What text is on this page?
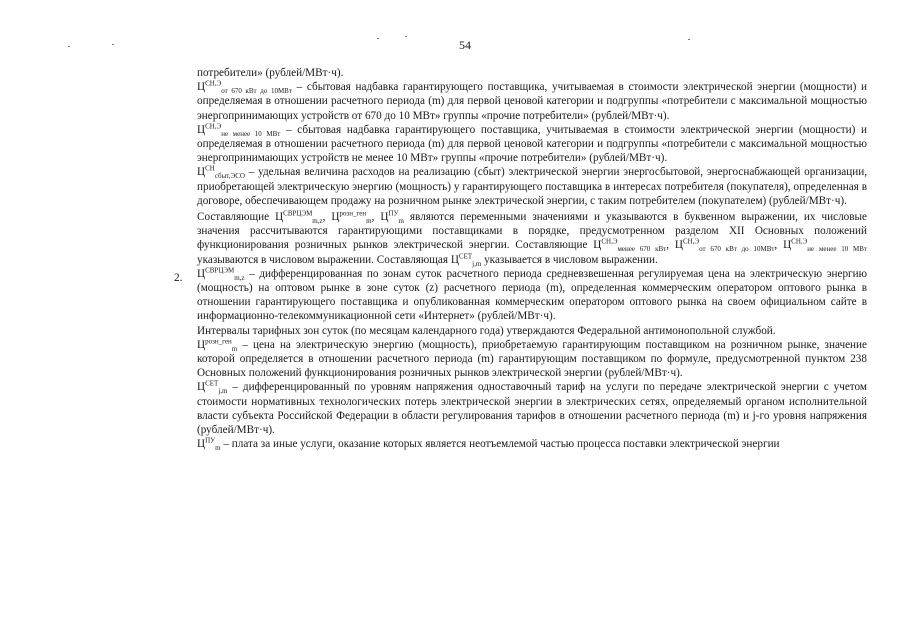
54
2.

потребители» (рублей/МВт·ч).

$Ц^{СН,Э}_{от 670 кВт до 10МВт}$ – сбытовая надбавка гарантирующего поставщика, учитываемая в стоимости электрической энергии (мощности) и определяемая в отношении расчетного периода (m) для первой ценовой категории и подгруппы «потребители с максимальной мощностью энергопринимающих устройств от 670 до 10 МВт» группы «прочие потребители» (рублей/МВт·ч).

$Ц^{СН,Э}_{не менее 10 МВт}$ – сбытовая надбавка гарантирующего поставщика, учитываемая в стоимости электрической энергии (мощности) и определяемая в отношении расчетного периода (m) для первой ценовой категории и подгруппы «потребители с максимальной мощностью энергопринимающих устройств не менее 10 МВт» группы «прочие потребители» (рублей/МВт·ч).

$Ц^{СН}_{сбыт,ЭСО}$ – удельная величина расходов на реализацию (сбыт) электрической энергии энергосбытовой, энергоснабжающей организации, приобретающей электрическую энергию (мощность) у гарантирующего поставщика в интересах потребителя (покупателя), определенная в договоре, обеспечивающем продажу на розничном рынке электрической энергии, с таким потребителем (покупателем) (рублей/МВт·ч).

Составляющие $Ц^{СВРЦЭМ}_{m,z}$, $Ц^{розн\_ген}_m$, $Ц^{ПУ}_m$ являются переменными значениями и указываются в буквенном выражении, их числовые значения рассчитываются гарантирующими поставщиками в порядке, предусмотренном разделом XII Основных положений функционирования розничных рынков электрической энергии. Составляющие $Ц^{СН,Э}_{менее 670 кВт}$, $Ц^{СН,Э}_{от 670 кВт до 10МВт}$, $Ц^{СН,Э}_{не менее 10 МВт}$ указываются в числовом выражении. Составляющая $Ц^{СЕТ}_{j,m}$ указывается в числовом выражении.

$Ц^{СВРЦЭМ}_{m,z}$ – дифференцированная по зонам суток расчетного периода средневзвешенная регулируемая цена на электрическую энергию (мощность) на оптовом рынке в зоне суток (z) расчетного периода (m), определенная коммерческим оператором оптового рынка в отношении гарантирующего поставщика и опубликованная коммерческим оператором оптового рынка на своем официальном сайте в информационно-телекоммуникационной сети «Интернет» (рублей/МВт·ч).

Интервалы тарифных зон суток (по месяцам календарного года) утверждаются Федеральной антимонопольной службой.

$Ц^{розн\_ген}_m$ – цена на электрическую энергию (мощность), приобретаемую гарантирующим поставщиком на розничном рынке, значение которой определяется в отношении расчетного периода (m) гарантирующим поставщиком по формуле, предусмотренной пунктом 238 Основных положений функционирования розничных рынков электрической энергии (рублей/МВт·ч).

$Ц^{СЕТ}_{j,m}$ – дифференцированный по уровням напряжения одноставочный тариф на услуги по передаче электрической энергии с учетом стоимости нормативных технологических потерь электрической энергии в электрических сетях, определяемый органом исполнительной власти субъекта Российской Федерации в области регулирования тарифов в отношении расчетного периода (m) и j-го уровня напряжения (рублей/МВт·ч).

$Ц^{ПУ}_m$ – плата за иные услуги, оказание которых является неотъемлемой частью процесса поставки электрической энергии
